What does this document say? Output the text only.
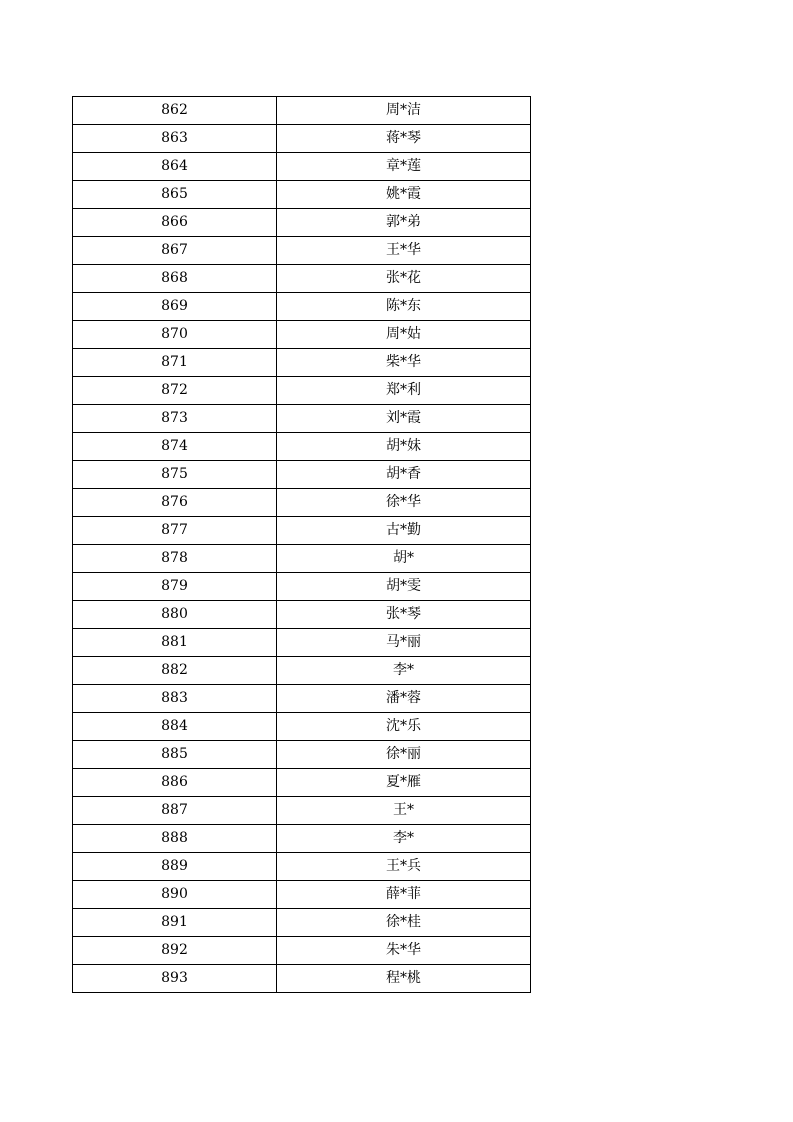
862	周*洁
863	蒋*琴
864	章*莲
865	姚*霞
866	郭*弟
867	王*华
868	张*花
869	陈*东
870	周*姑
871	柴*华
872	郑*利
873	刘*霞
874	胡*妹
875	胡*香
876	徐*华
877	古*勤
878	胡*
879	胡*雯
880	张*琴
881	马*丽
882	李*
883	潘*蓉
884	沈*乐
885	徐*丽
886	夏*雁
887	王*
888	李*
889	王*兵
890	薛*菲
891	徐*桂
892	朱*华
893	程*桃
